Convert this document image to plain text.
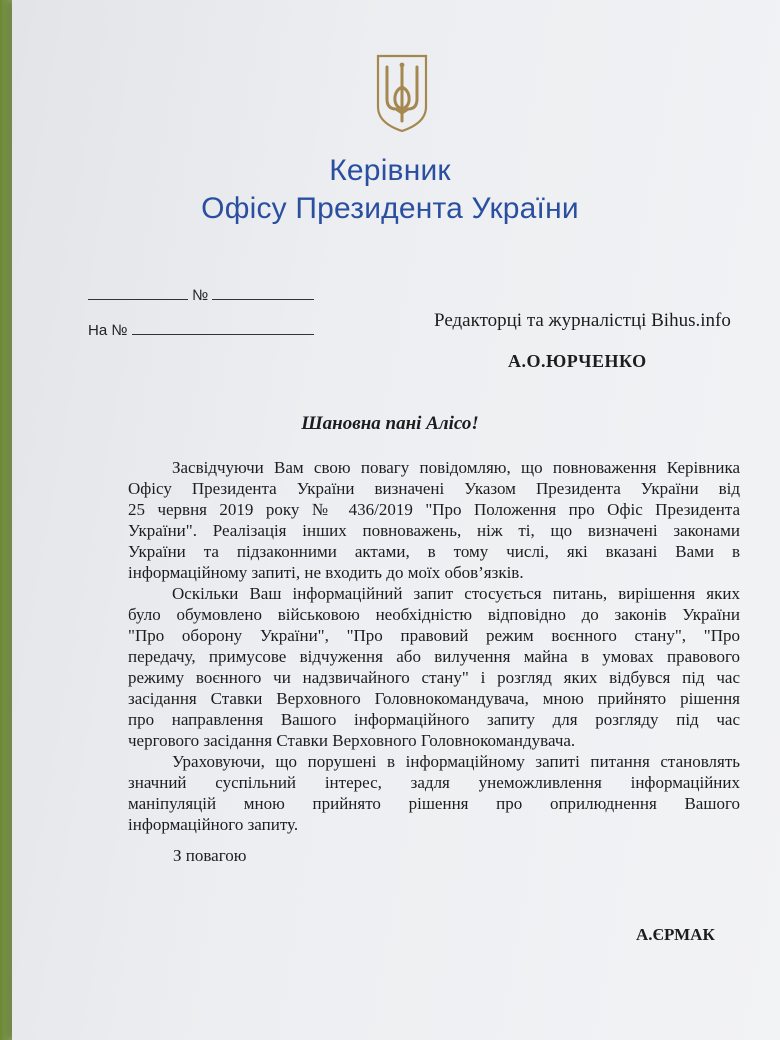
Керівник
Офісу Президента України
№
На №	Редакторці та журналістці Bihus.info
А.О.ЮРЧЕНКО
Шановна пані Алісо!
Засвідчуючи Вам свою повагу повідомляю, що повноваження Керівника
Офісу Президента України визначені Указом Президента України від
25 червня 2019 року № 436/2019 "Про Положення про Офіс Президента
України". Реалізація інших повноважень, ніж ті, що визначені законами
України та підзаконними актами, в тому числі, які вказані Вами в
інформаційному запиті, не входить до моїх обов’язків.
Оскільки Ваш інформаційний запит стосується питань, вирішення яких
було обумовлено військовою необхідністю відповідно до законів України
"Про оборону України", "Про правовий режим воєнного стану", "Про
передачу, примусове відчуження або вилучення майна в умовах правового
режиму воєнного чи надзвичайного стану" і розгляд яких відбувся під час
засідання Ставки Верховного Головнокомандувача, мною прийнято рішення
про направлення Вашого інформаційного запиту для розгляду під час
чергового засідання Ставки Верховного Головнокомандувача.
Ураховуючи, що порушені в інформаційному запиті питання становлять
значний суспільний інтерес, задля унеможливлення інформаційних
маніпуляцій мною прийнято рішення про оприлюднення Вашого
інформаційного запиту.
З повагою
А.ЄРМАК
